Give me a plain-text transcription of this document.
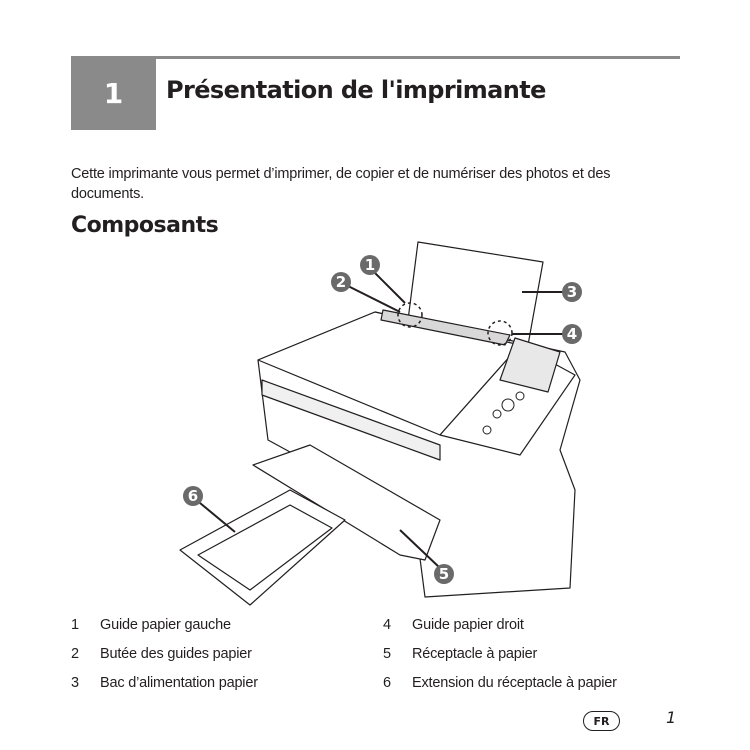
1 Présentation de l'imprimante

Cette imprimante vous permet d’imprimer, de copier et de numériser des photos et des documents.

Composants
1
2
3
4
5
6
1 Guide papier gauche
2 Butée des guides papier
3 Bac d’alimentation papier
4 Guide papier droit
5 Réceptacle à papier
6 Extension du réceptacle à papier
FR	1
